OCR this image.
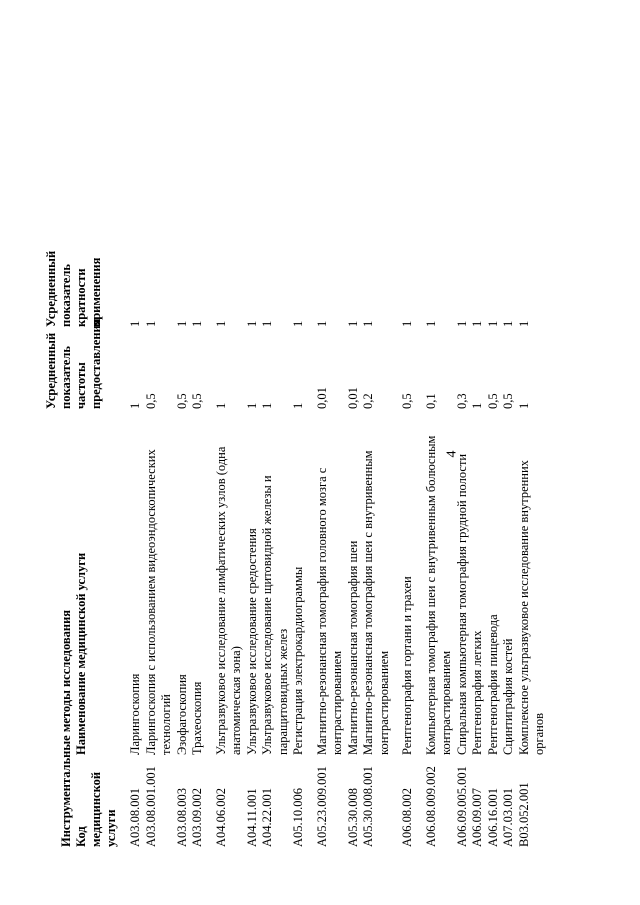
4
Инструментальные методы исследования Код медицинской услуги
Наименование медицинской услуги
Усредненный показатель частоты предоставления
Усредненный показатель кратности применения
A03.08.001
Ларингоскопия
1
1
A03.08.001.001
Ларингоскопия с использованием видеоэндоскопических технологий
0,5
1
A03.08.003
Эзофагоскопия
0,5
1
A03.09.002
Трахеоскопия
0,5
1
A04.06.002
Ультразвуковое исследование лимфатических узлов (одна анатомическая зона)
1
1
A04.11.001
Ультразвуковое исследование средостения
1
1
A04.22.001
Ультразвуковое исследование щитовидной железы и паращитовидных желез
1
1
A05.10.006
Регистрация электрокардиограммы
1
1
A05.23.009.001
Магнитно-резонансная томография головного мозга с контрастированием
0,01
1
A05.30.008
Магнитно-резонансная томография шеи
0,01
1
A05.30.008.001
Магнитно-резонансная томография шеи с внутривенным контрастированием
0,2
1
A06.08.002
Рентгенография гортани и трахеи
0,5
1
A06.08.009.002
Компьютерная томография шеи с внутривенным болюсным контрастированием
0,1
1
A06.09.005.001
Спиральная компьютерная томография грудной полости
0,3
1
A06.09.007
Рентгенография легких
1
1
A06.16.001
Рентгенография пищевода
0,5
1
A07.03.001
Сцинтиграфия костей
0,5
1
B03.052.001
Комплексное ультразвуковое исследование внутренних органов
1
1
